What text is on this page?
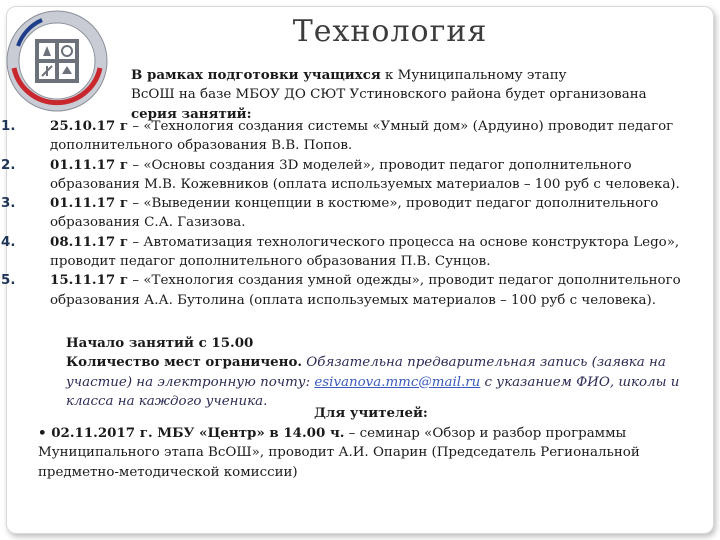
Технология
В рамках подготовки учащихся к Муниципальному этапу
ВсОШ на базе МБОУ ДО СЮТ Устиновского района будет организована
серия занятий:
1.	25.10.17 г – «Технология создания системы «Умный дом» (Ардуино) проводит педагог дополнительного образования В.В. Попов.
2.	01.11.17 г – «Основы создания 3D моделей», проводит педагог дополнительного образования М.В. Кожевников (оплата используемых материалов – 100 руб с человека).
3.	01.11.17 г – «Выведении концепции в костюме», проводит педагог дополнительного образования С.А. Газизова.
4.	08.11.17 г – Автоматизация технологического процесса на основе конструктора Lego», проводит педагог дополнительного образования П.В. Сунцов.
5.	15.11.17 г – «Технология создания умной одежды», проводит педагог дополнительного образования А.А. Бутолина (оплата используемых материалов – 100 руб с человека).
Начало занятий с 15.00
Количество мест ограничено. Обязательна предварительная запись (заявка на участие) на электронную почту: esivanova.mmc@mail.ru с указанием ФИО, школы и класса на каждого ученика.
Для учителей:
• 02.11.2017 г. МБУ «Центр» в 14.00 ч. – семинар «Обзор и разбор программы Муниципального этапа ВсОШ», проводит А.И. Опарин (Председатель Региональной предметно-методической комиссии)
